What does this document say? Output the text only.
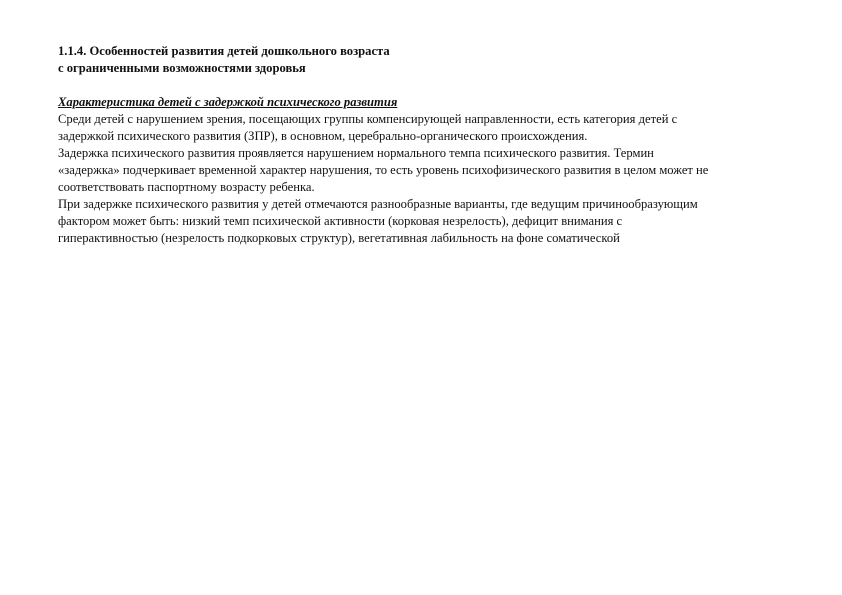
1.1.4. Особенностей развития детей дошкольного возраста
с ограниченными возможностями здоровья
Характеристика детей с задержкой психического развития
Среди детей с нарушением зрения, посещающих группы компенсирующей направленности, есть категория детей с
задержкой психического развития (ЗПР), в основном, церебрально-органического происхождения.
Задержка психического развития проявляется нарушением нормального темпа психического развития. Термин
«задержка» подчеркивает временной характер нарушения, то есть уровень психофизического развития в целом может не
соответствовать паспортному возрасту ребенка.
При задержке психического развития у детей отмечаются разнообразные варианты, где ведущим причинообразующим
фактором может быть: низкий темп психической активности (корковая незрелость), дефицит внимания с
гиперактивностью (незрелость подкорковых структур), вегетативная лабильность на фоне соматической
